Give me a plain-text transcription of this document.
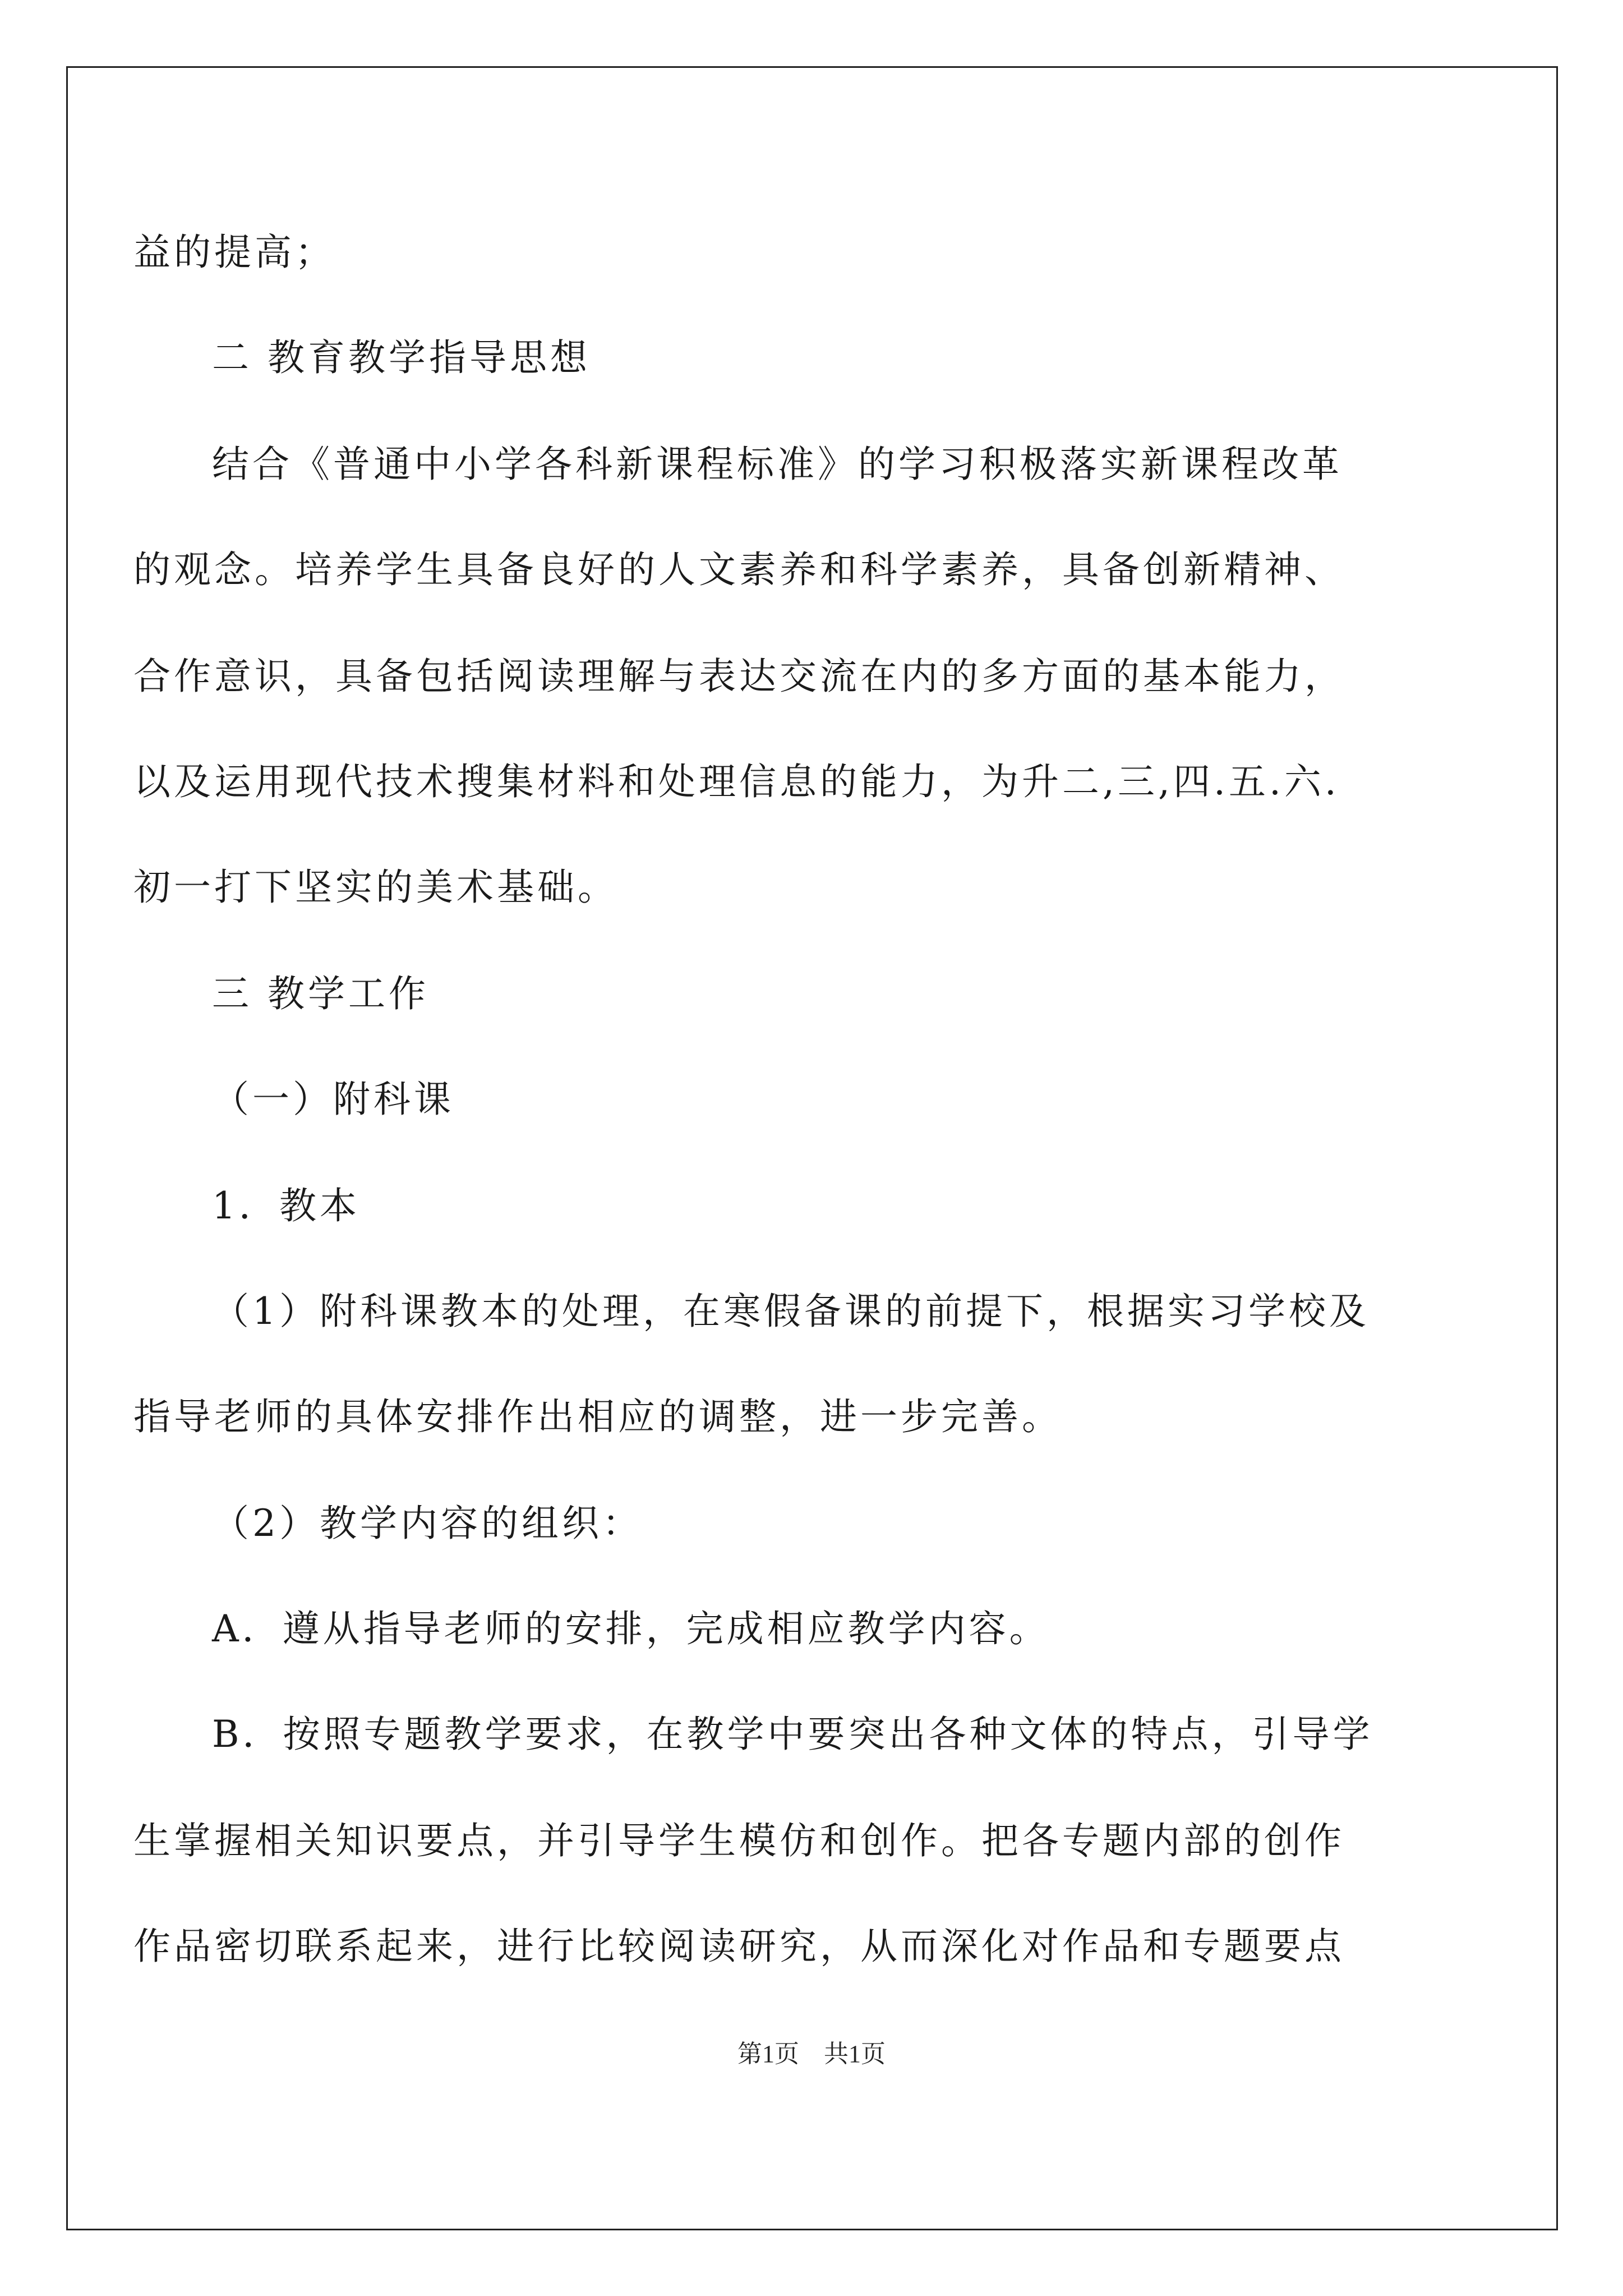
益的提高；
二 教育教学指导思想
结合《普通中小学各科新课程标准》的学习积极落实新课程改革
的观念。培养学生具备良好的人文素养和科学素养，具备创新精神、
合作意识，具备包括阅读理解与表达交流在内的多方面的基本能力，
以及运用现代技术搜集材料和处理信息的能力，为升二,三,四.五.六.
初一打下坚实的美术基础。
三 教学工作
（一）附科课
1．教本
（1）附科课教本的处理，在寒假备课的前提下，根据实习学校及
指导老师的具体安排作出相应的调整，进一步完善。
（2）教学内容的组织：
A．遵从指导老师的安排，完成相应教学内容。
B．按照专题教学要求，在教学中要突出各种文体的特点，引导学
生掌握相关知识要点，并引导学生模仿和创作。把各专题内部的创作
作品密切联系起来，进行比较阅读研究，从而深化对作品和专题要点
第1页　共1页
